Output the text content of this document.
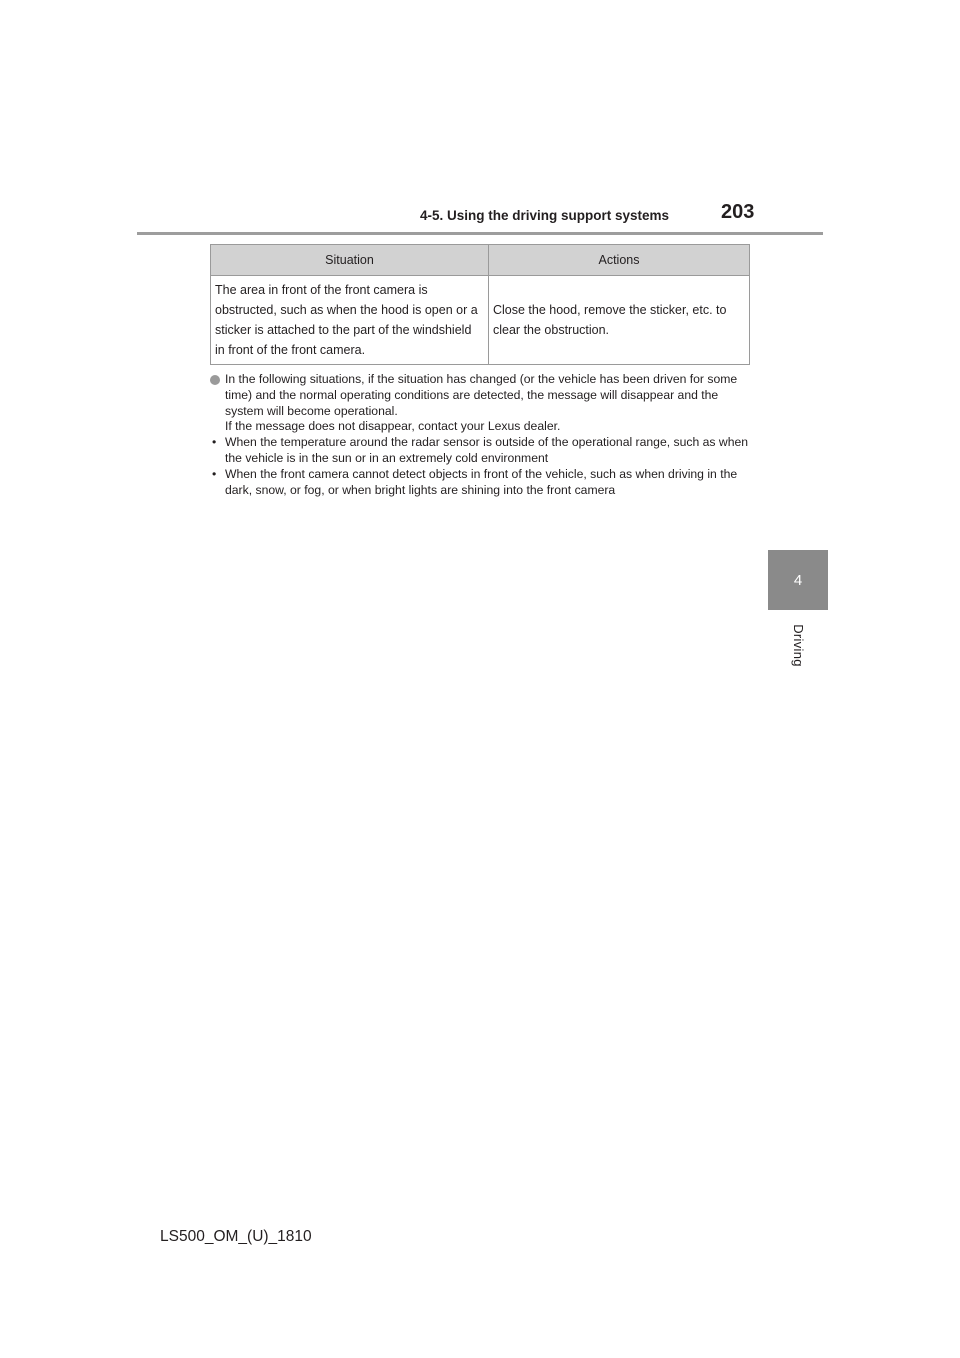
4-5. Using the driving support systems	203
4
Driving
Situation	Actions
The area in front of the front camera is obstructed, such as when the hood is open or a sticker is attached to the part of the windshield in front of the front camera.	Close the hood, remove the sticker, etc. to clear the obstruction.
In the following situations, if the situation has changed (or the vehicle has been driven for some time) and the normal operating conditions are detected, the message will disappear and the system will become operational.
If the message does not disappear, contact your Lexus dealer.
• When the temperature around the radar sensor is outside of the operational range, such as when the vehicle is in the sun or in an extremely cold environment
• When the front camera cannot detect objects in front of the vehicle, such as when driving in the dark, snow, or fog, or when bright lights are shining into the front camera
LS500_OM_(U)_1810
